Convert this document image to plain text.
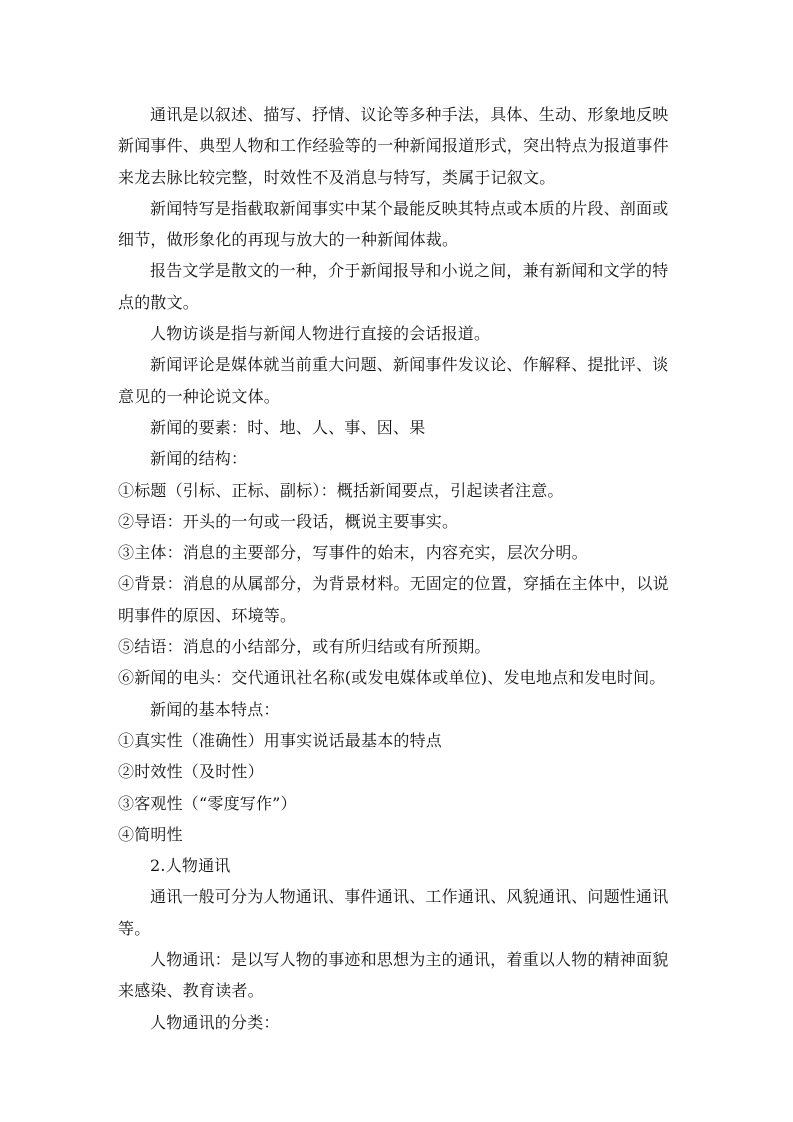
通讯是以叙述、描写、抒情、议论等多种手法，具体、生动、形象地反映新闻事件、典型人物和工作经验等的一种新闻报道形式，突出特点为报道事件来龙去脉比较完整，时效性不及消息与特写，类属于记叙文。

新闻特写是指截取新闻事实中某个最能反映其特点或本质的片段、剖面或细节，做形象化的再现与放大的一种新闻体裁。

报告文学是散文的一种，介于新闻报导和小说之间，兼有新闻和文学的特点的散文。

人物访谈是指与新闻人物进行直接的会话报道。

新闻评论是媒体就当前重大问题、新闻事件发议论、作解释、提批评、谈意见的一种论说文体。

新闻的要素：时、地、人、事、因、果

新闻的结构：

①标题（引标、正标、副标）：概括新闻要点，引起读者注意。

②导语：开头的一句或一段话，概说主要事实。

③主体：消息的主要部分，写事件的始末，内容充实，层次分明。

④背景：消息的从属部分，为背景材料。无固定的位置，穿插在主体中，以说明事件的原因、环境等。

⑤结语：消息的小结部分，或有所归结或有所预期。

⑥新闻的电头：交代通讯社名称(或发电媒体或单位)、发电地点和发电时间。

新闻的基本特点：

①真实性（准确性）用事实说话最基本的特点

②时效性（及时性）

③客观性（“零度写作”）

④简明性

2.人物通讯

通讯一般可分为人物通讯、事件通讯、工作通讯、风貌通讯、问题性通讯等。

人物通讯：是以写人物的事迹和思想为主的通讯，着重以人物的精神面貌来感染、教育读者。

人物通讯的分类：
